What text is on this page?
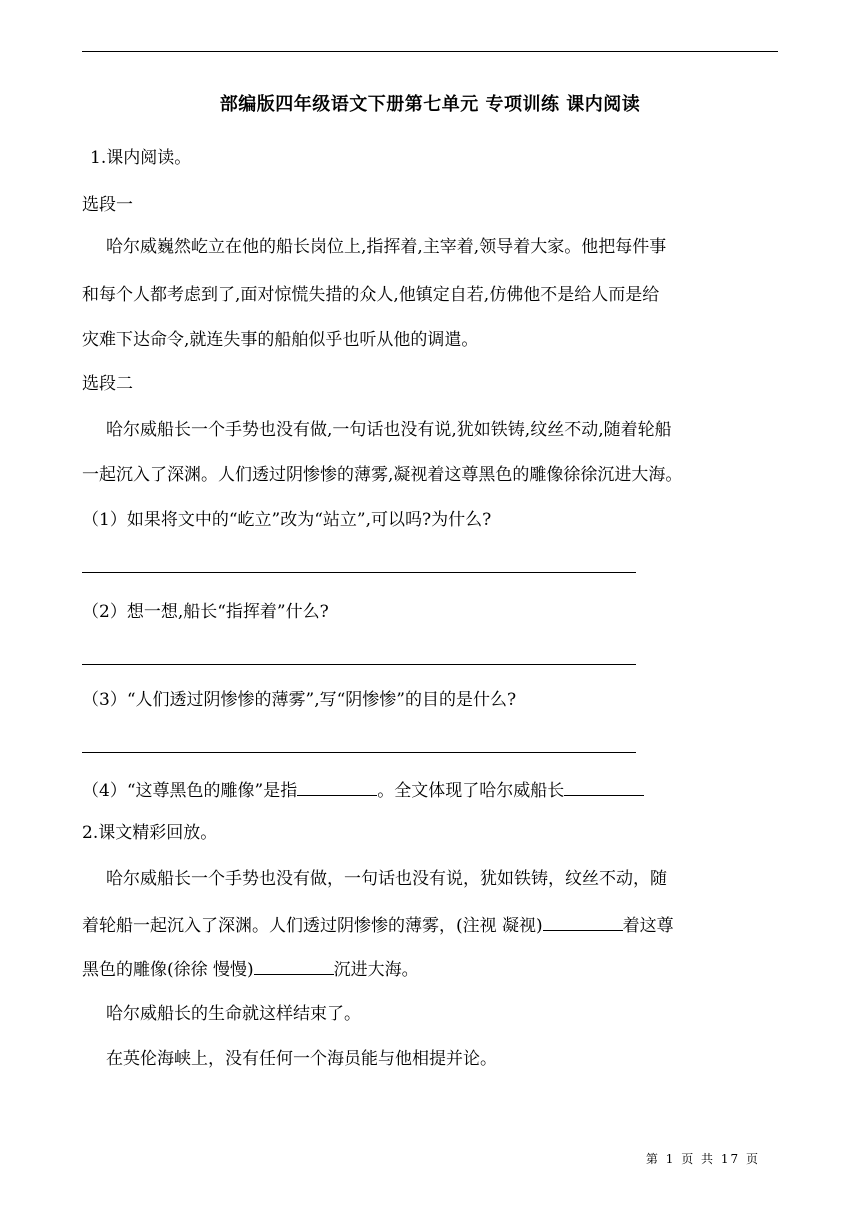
部编版四年级语文下册第七单元 专项训练 课内阅读
1.课内阅读。
选段一
哈尔威巍然屹立在他的船长岗位上,指挥着,主宰着,领导着大家。他把每件事
和每个人都考虑到了,面对惊慌失措的众人,他镇定自若,仿佛他不是给人而是给
灾难下达命令,就连失事的船舶似乎也听从他的调遣。
选段二
哈尔威船长一个手势也没有做,一句话也没有说,犹如铁铸,纹丝不动,随着轮船
一起沉入了深渊。人们透过阴惨惨的薄雾,凝视着这尊黑色的雕像徐徐沉进大海。
（1）如果将文中的“屹立”改为“站立”,可以吗?为什么?
（2）想一想,船长“指挥着”什么?
（3）“人们透过阴惨惨的薄雾”,写“阴惨惨”的目的是什么?
（4）“这尊黑色的雕像”是指	。全文体现了哈尔威船长
2.课文精彩回放。
哈尔威船长一个手势也没有做，一句话也没有说，犹如铁铸，纹丝不动，随
着轮船一起沉入了深渊。人们透过阴惨惨的薄雾，(注视 凝视)	着这尊
黑色的雕像(徐徐 慢慢)	沉进大海。
哈尔威船长的生命就这样结束了。
在英伦海峡上，没有任何一个海员能与他相提并论。
第 1 页 共 17 页
